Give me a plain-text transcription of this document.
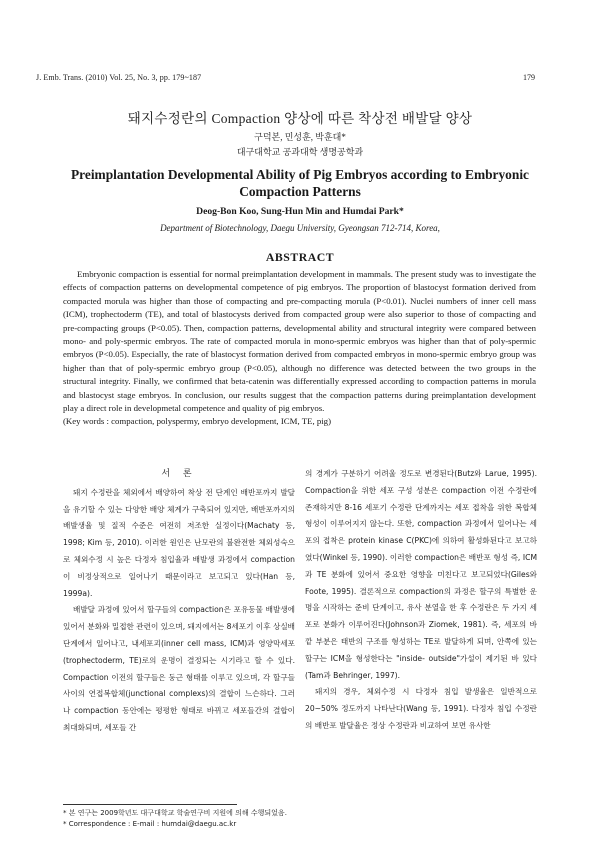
J. Emb. Trans. (2010) Vol. 25, No. 3, pp. 179~187	179
돼지수정란의 Compaction 양상에 따른 착상전 배발달 양상
구덕본, 민성훈, 박훈대*
대구대학교 공과대학 생명공학과
Preimplantation Developmental Ability of Pig Embryos according to Embryonic
Compaction Patterns
Deog-Bon Koo, Sung-Hun Min and Humdai Park*
Department of Biotechnology, Daegu University, Gyeongsan 712-714, Korea,
ABSTRACT

Embryonic compaction is essential for normal preimplantation development in mammals. The present study was to investigate the effects of compaction patterns on developmental competence of pig embryos. The proportion of blastocyst formation derived from compacted morula was higher than those of compacting and pre-compacting morula (P<0.01). Nuclei numbers of inner cell mass (ICM), trophectoderm (TE), and total of blastocysts derived from compacted group were also superior to those of compacting and pre-compacting groups (P<0.05). Then, compaction patterns, developmental ability and structural integrity were compared between mono- and poly-spermic embryos. The rate of compacted morula in mono-spermic embryos was higher than that of poly-spermic embryos (P<0.05). Especially, the rate of blastocyst formation derived from compacted embryos in mono-spermic embryo group was higher than that of poly-spermic embryo group (P<0.05), although no difference was detected between the two groups in the structural integrity. Finally, we confirmed that beta-catenin was differentially expressed according to compaction patterns in morula and blastocyst stage embryos. In conclusion, our results suggest that the compaction patterns during preimplantation development play a direct role in developmetal competence and quality of pig embryos.

(Key words : compaction, polyspermy, embryo development, ICM, TE, pig)

서 론

돼지 수정란을 체외에서 배양하여 착상 전 단계인 배반포까지 발달을 유기할 수 있는 다양한 배양 체계가 구축되어 있지만, 배반포까지의 배발생율 및 질적 수준은 여전히 저조한 실정이다(Machaty 등, 1998; Kim 등, 2010). 이러한 원인은 난모란의 불완전한 체외성숙으로 체외수정 시 높은 다정자 침입율과 배발생 과정에서 compaction이 비정상적으로 일어나기 때문이라고 보고되고 있다(Han 등, 1999a).

배발달 과정에 있어서 할구들의 compaction은 포유동물 배발생에 있어서 분화와 밀접한 관련이 있으며, 돼지에서는 8세포기 이후 상실배 단계에서 일어나고, 내세포괴(inner cell mass, ICM)과 영양막세포(trophectoderm, TE)로의 운명이 결정되는 시기라고 할 수 있다. Compaction 이전의 할구들은 둥근 형태를 이루고 있으며, 각 할구들 사이의 연접복합체(junctional complexs)의 결합이 느슨하다. 그러나 compaction 동안에는 평평한 형태로 바뀌고 세포들간의 결합이 최대화되며, 세포들 간

의 경계가 구분하기 어려울 정도로 변경된다(Butz와 Larue, 1995). Compaction을 위한 세포 구성 성분은 compaction 이전 수정란에 존재하지만 8-16 세포기 수정란 단계까지는 세포 접착을 위한 복합체 형성이 이루어지지 않는다. 또한, compaction 과정에서 일어나는 세포의 접착은 protein kinase C(PKC)에 의하여 활성화된다고 보고하였다(Winkel 등, 1990). 이러한 compaction은 배반포 형성 즉, ICM과 TE 분화에 있어서 중요한 영향을 미친다고 보고되었다(Giles와 Foote, 1995). 결론적으로 compaction의 과정은 할구의 특별한 운명을 시작하는 준비 단계이고, 유사 분열을 한 후 수정란은 두 가지 세포로 분화가 이루어진다(Johnson과 Ziomek, 1981). 즉, 세포의 바깥 부분은 태반의 구조를 형성하는 TE로 발달하게 되며, 안쪽에 있는 할구는 ICM을 형성한다는 "inside- outside"가설이 제기된 바 있다(Tam과 Behringer, 1997).

돼지의 경우, 체외수정 시 다정자 침입 발생율은 일반적으로 20~50% 정도까지 나타난다(Wang 등, 1991). 다정자 침입 수정란의 배반포 발달율은 정상 수정란과 비교하여 보면 유사한

* 본 연구는 2009학년도 대구대학교 학술연구비 지원에 의해 수행되었음.
* Correspondence : E-mail : humdai@daegu.ac.kr
